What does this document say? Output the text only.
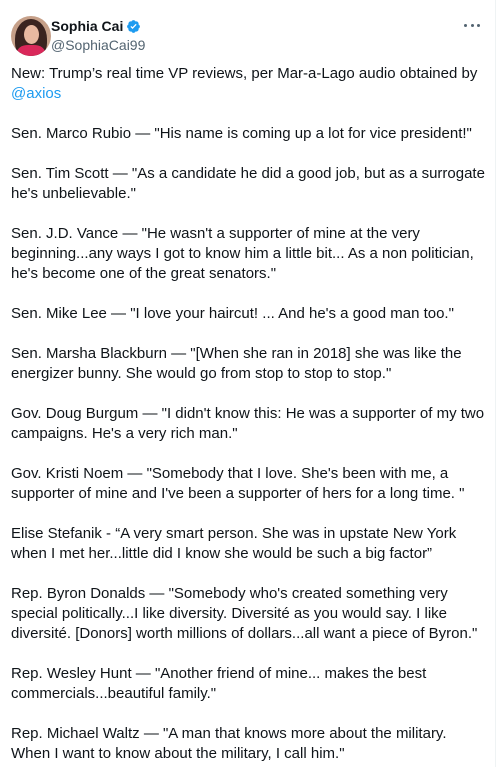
Sophia Cai
@SophiaCai99

New: Trump’s real time VP reviews, per Mar-a-Lago audio obtained by @axios

Sen. Marco Rubio — "His name is coming up a lot for vice president!"

Sen. Tim Scott — "As a candidate he did a good job, but as a surrogate he's unbelievable."

Sen. J.D. Vance — "He wasn't a supporter of mine at the very beginning...any ways I got to know him a little bit... As a non politician, he's become one of the great senators."

Sen. Mike Lee — "I love your haircut! ... And he's a good man too."

Sen. Marsha Blackburn — "[When she ran in 2018] she was like the energizer bunny. She would go from stop to stop to stop."

Gov. Doug Burgum — "I didn't know this: He was a supporter of my two campaigns. He's a very rich man."

Gov. Kristi Noem — "Somebody that I love. She's been with me, a supporter of mine and I've been a supporter of hers for a long time. "

Elise Stefanik - “A very smart person. She was in upstate New York when I met her...little did I know she would be such a big factor”

Rep. Byron Donalds — "Somebody who's created something very special politically...I like diversity. Diversité as you would say. I like diversité. [Donors] worth millions of dollars...all want a piece of Byron."

Rep. Wesley Hunt — "Another friend of mine... makes the best commercials...beautiful family."

Rep. Michael Waltz — "A man that knows more about the military. When I want to know about the military, I call him."
